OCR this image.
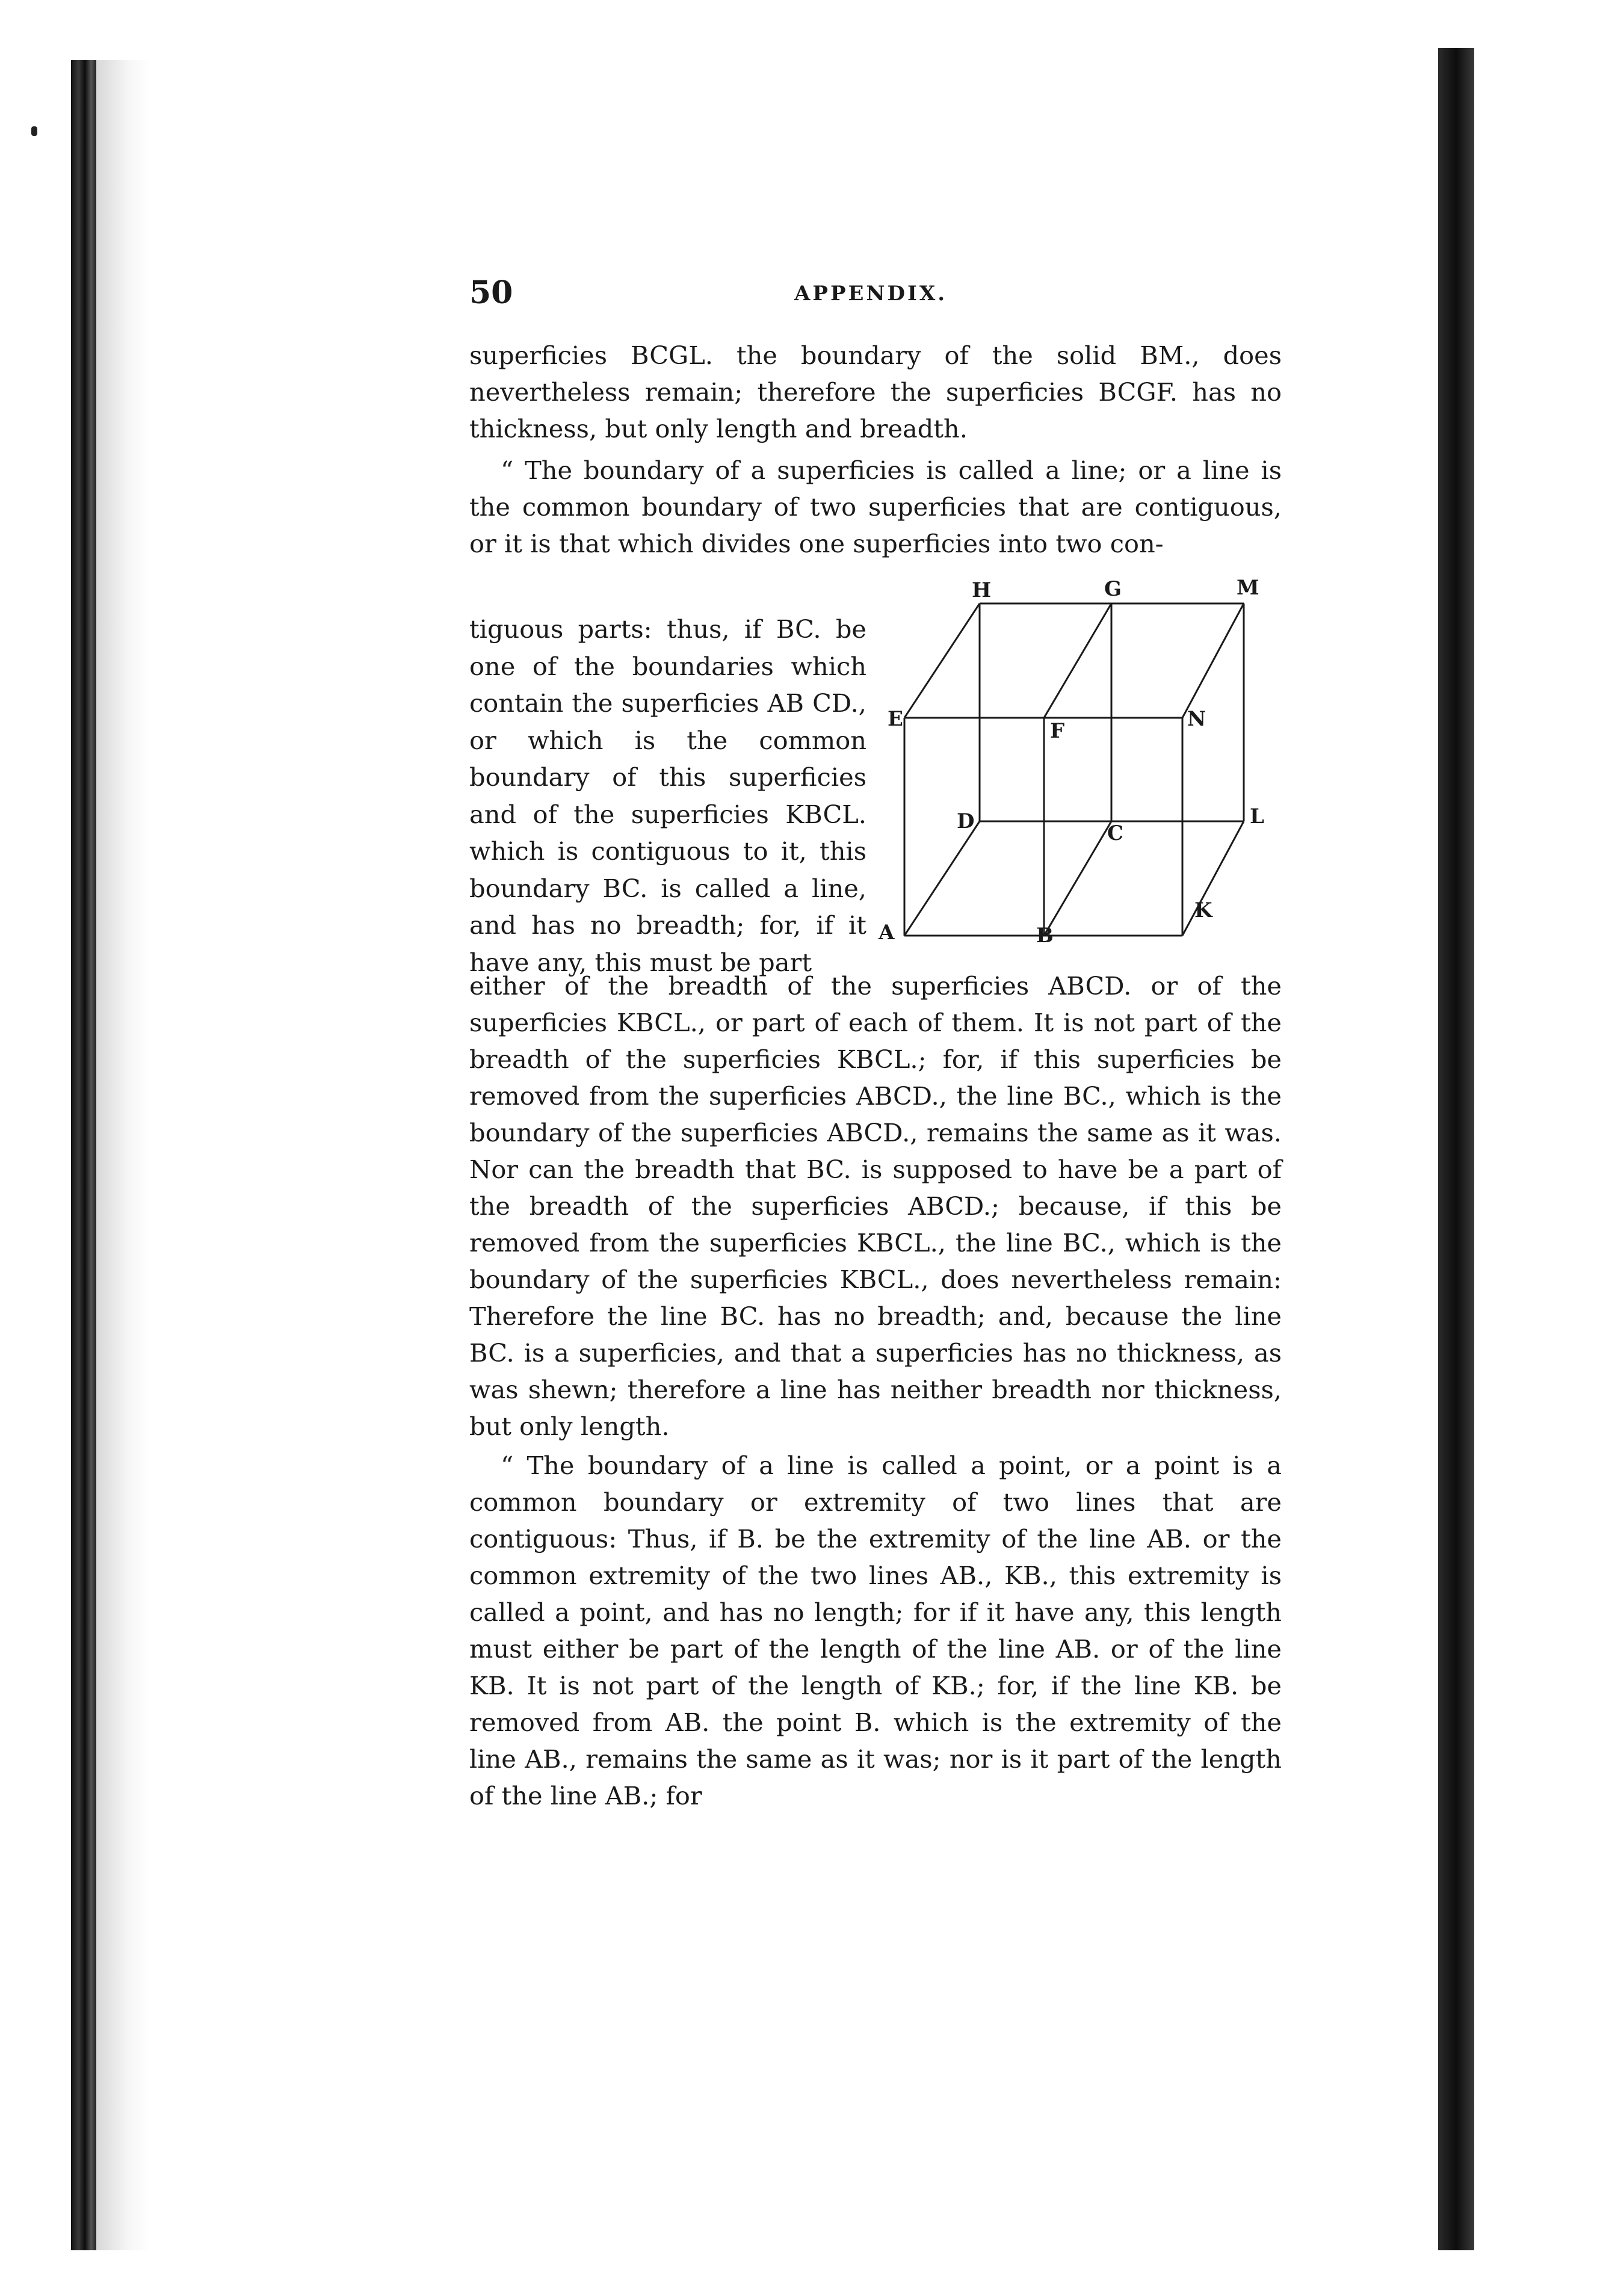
50	APPENDIX.

superficies BCGL. the boundary of the solid BM., does nevertheless remain; therefore the superficies BCGF. has no thickness, but only length and breadth.

“ The boundary of a superficies is called a line; or a line is the common boundary of two superficies that are contiguous, or it is that which divides one superficies into two con-

tiguous parts: thus, if BC. be one of the boundaries which contain the superficies AB CD., or which is the common boundary of this superficies and of the superficies KBCL. which is contiguous to it, this boundary BC. is called a line, and has no breadth; for, if it have any, this must be part
H	G	M
E	F	N
D	C
L
A	B
K

either of the breadth of the superficies ABCD. or of the superficies KBCL., or part of each of them. It is not part of the breadth of the superficies KBCL.; for, if this superficies be removed from the superficies ABCD., the line BC., which is the boundary of the superficies ABCD., remains the same as it was. Nor can the breadth that BC. is supposed to have be a part of the breadth of the superficies ABCD.; because, if this be removed from the superficies KBCL., the line BC., which is the boundary of the superficies KBCL., does nevertheless remain: Therefore the line BC. has no breadth; and, because the line BC. is a superficies, and that a superficies has no thickness, as was shewn; therefore a line has neither breadth nor thickness, but only length.

“ The boundary of a line is called a point, or a point is a common boundary or extremity of two lines that are contiguous: Thus, if B. be the extremity of the line AB. or the common extremity of the two lines AB., KB., this extremity is called a point, and has no length; for if it have any, this length must either be part of the length of the line AB. or of the line KB. It is not part of the length of KB.; for, if the line KB. be removed from AB. the point B. which is the extremity of the line AB., remains the same as it was; nor is it part of the length of the line AB.; for
